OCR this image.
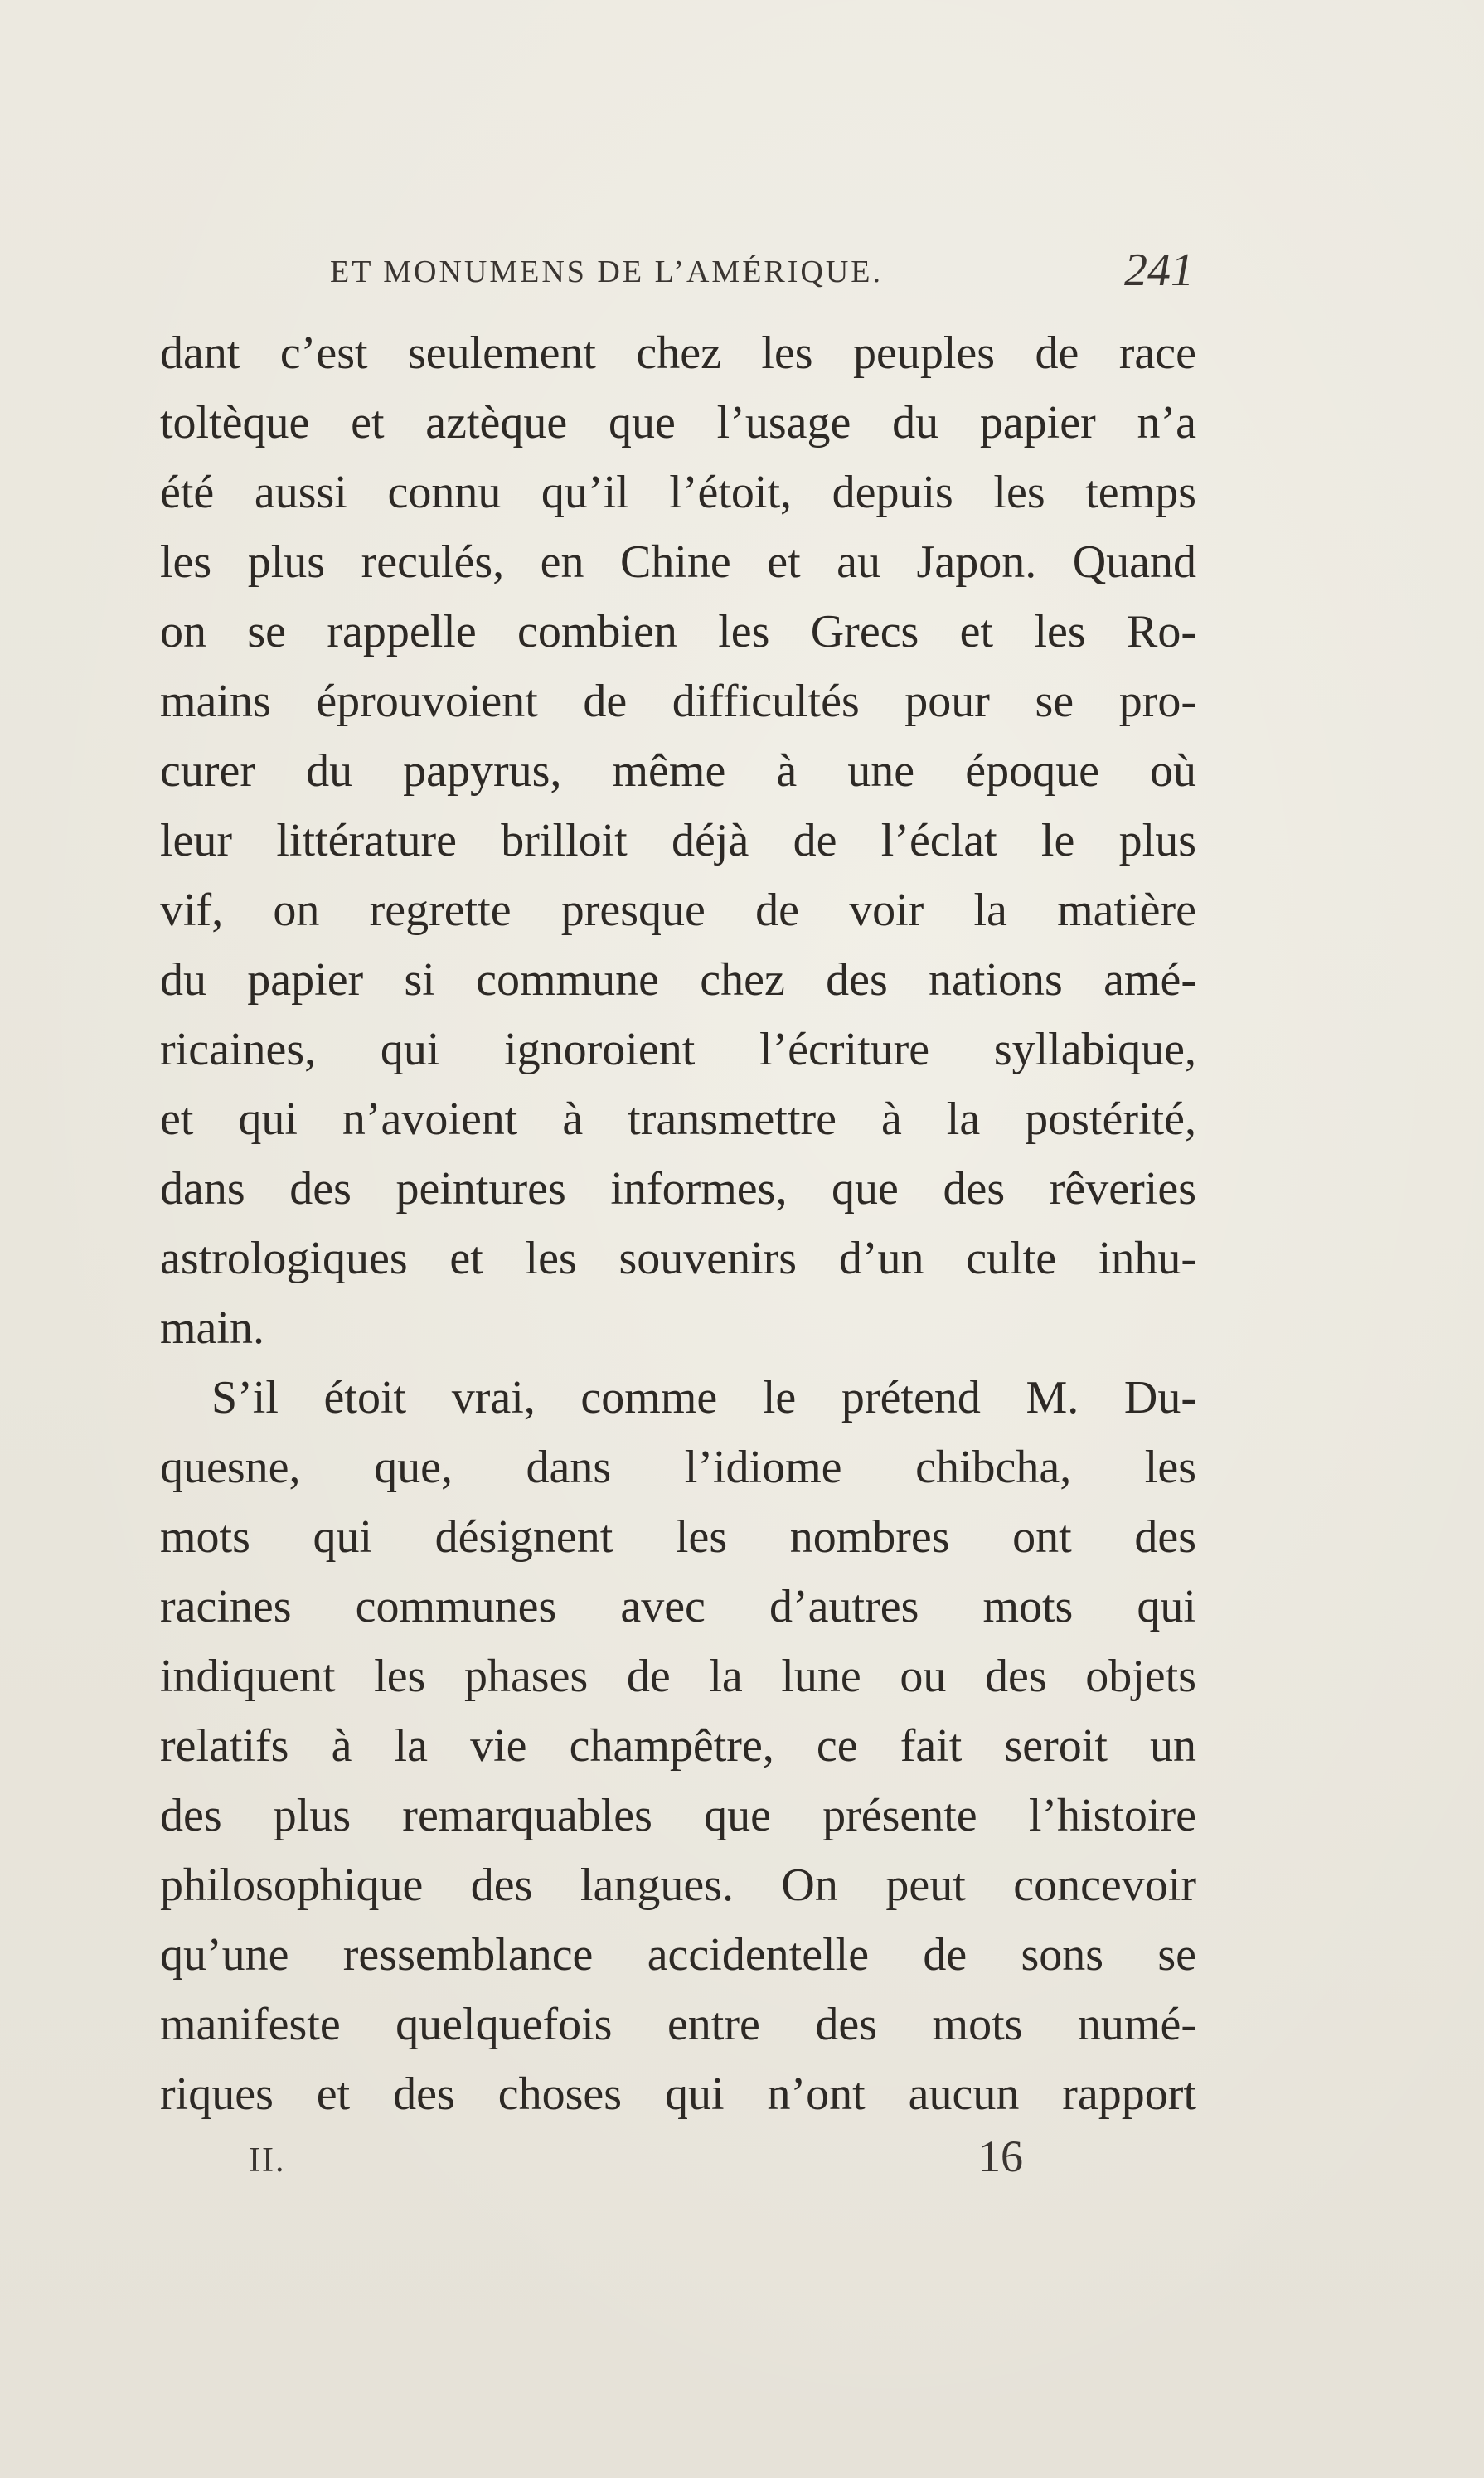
ET MONUMENS DE L’AMÉRIQUE.	241
dant c’est seulement chez les peuples de race
toltèque et aztèque que l’usage du papier n’a
été aussi connu qu’il l’étoit, depuis les temps
les plus reculés, en Chine et au Japon. Quand
on se rappelle combien les Grecs et les Ro-
mains éprouvoient de difficultés pour se pro-
curer du papyrus, même à une époque où
leur littérature brilloit déjà de l’éclat le plus
vif, on regrette presque de voir la matière
du papier si commune chez des nations amé-
ricaines, qui ignoroient l’écriture syllabique,
et qui n’avoient à transmettre à la postérité,
dans des peintures informes, que des rêveries
astrologiques et les souvenirs d’un culte inhu-
main.
S’il étoit vrai, comme le prétend M. Du-
quesne, que, dans l’idiome chibcha, les
mots qui désignent les nombres ont des
racines communes avec d’autres mots qui
indiquent les phases de la lune ou des objets
relatifs à la vie champêtre, ce fait seroit un
des plus remarquables que présente l’histoire
philosophique des langues. On peut concevoir
qu’une ressemblance accidentelle de sons se
manifeste quelquefois entre des mots numé-
riques et des choses qui n’ont aucun rapport
II.	16
